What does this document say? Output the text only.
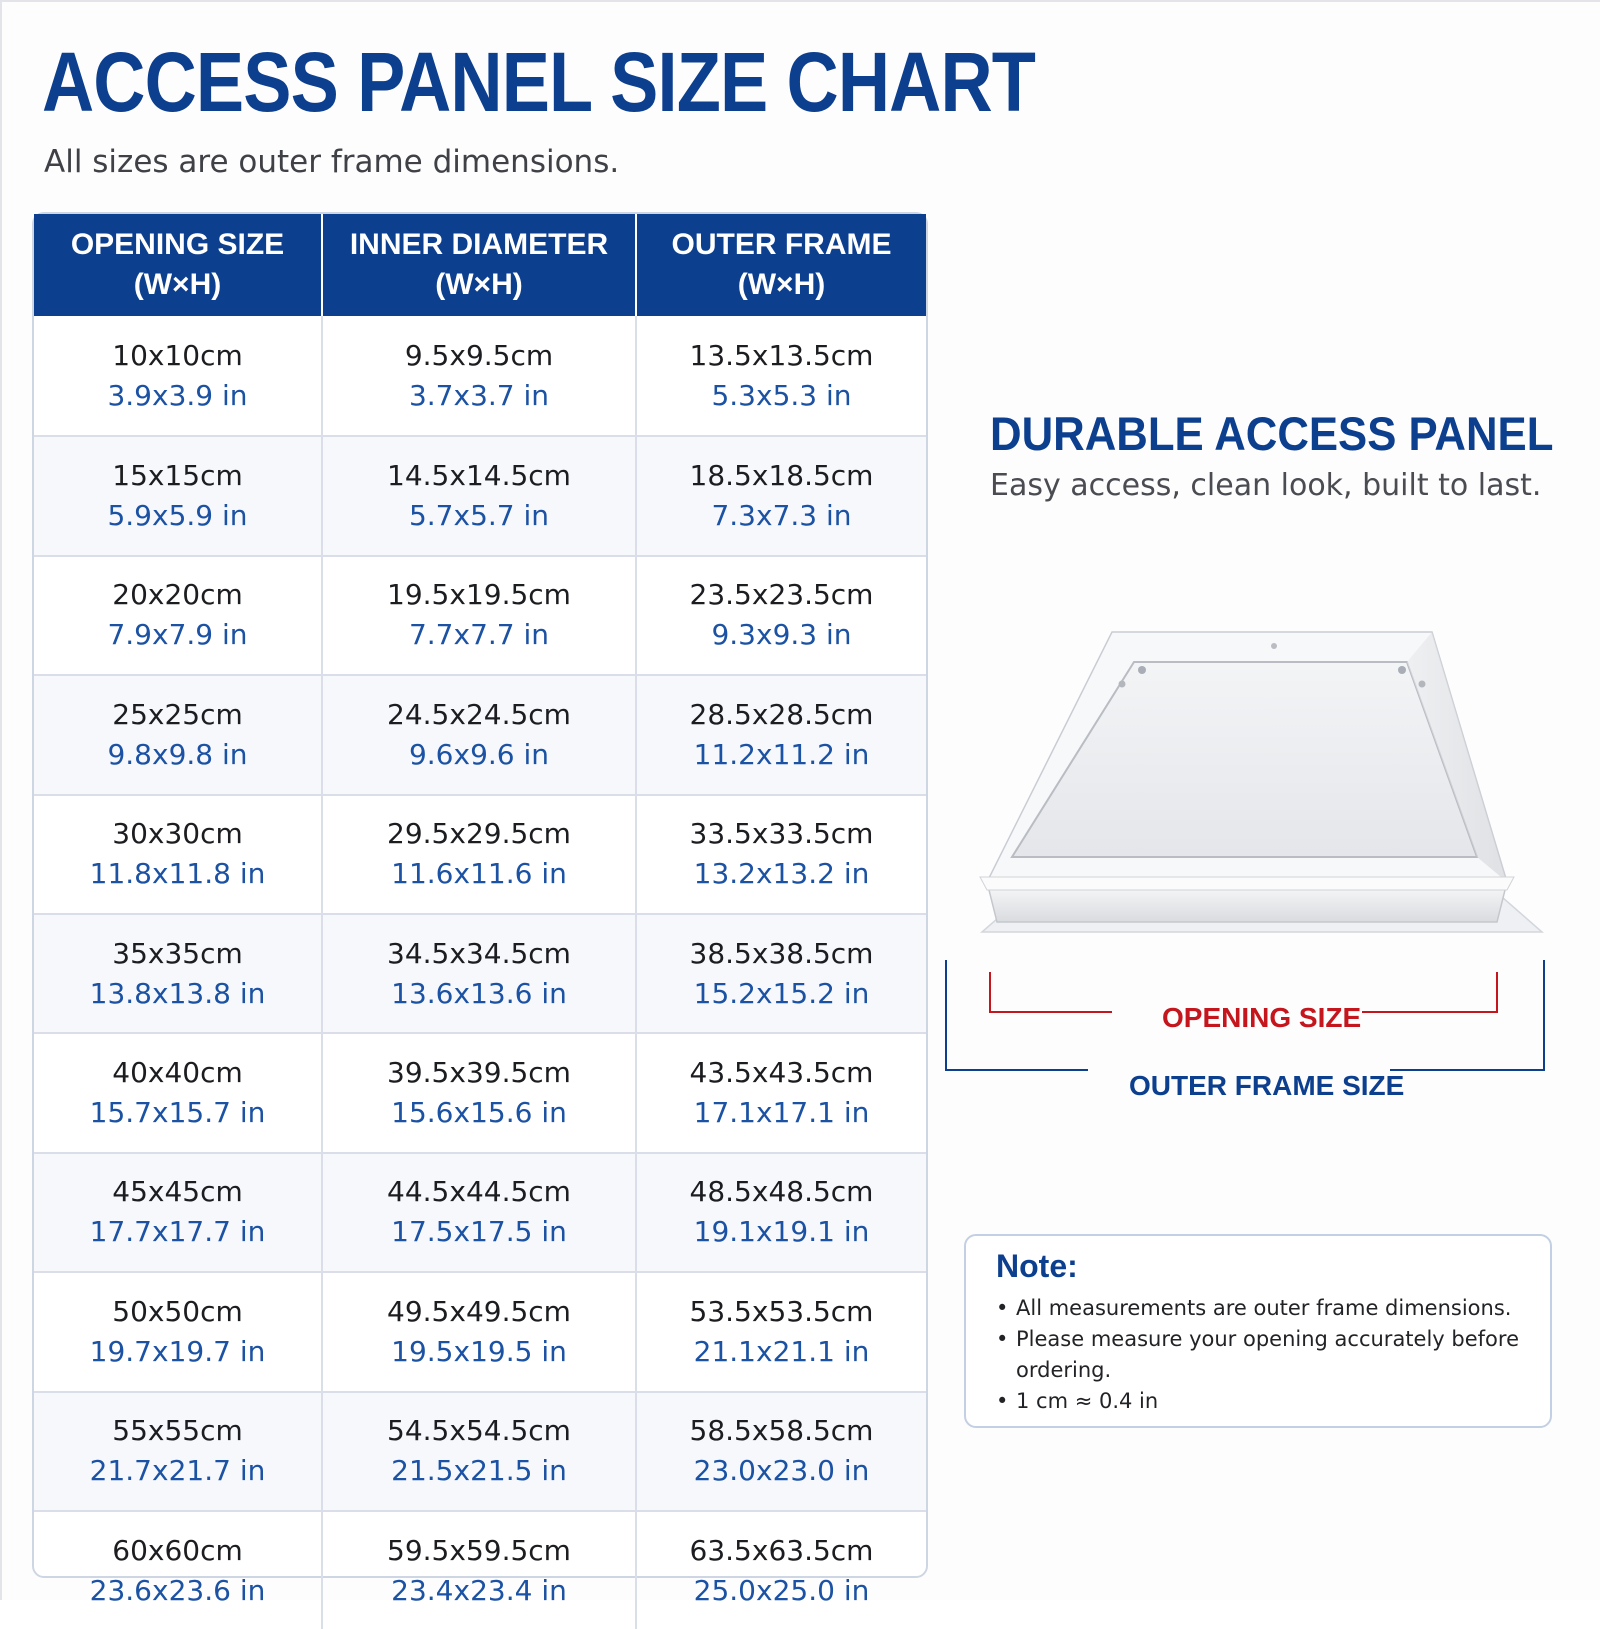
ACCESS PANEL SIZE CHART
All sizes are outer frame dimensions.
OPENING SIZE
(W×H)
INNER DIAMETER
(W×H)
OUTER FRAME
(W×H)
10x10cm
3.9x3.9 in
9.5x9.5cm
3.7x3.7 in
13.5x13.5cm
5.3x5.3 in
15x15cm
5.9x5.9 in
14.5x14.5cm
5.7x5.7 in
18.5x18.5cm
7.3x7.3 in
20x20cm
7.9x7.9 in
19.5x19.5cm
7.7x7.7 in
23.5x23.5cm
9.3x9.3 in
25x25cm
9.8x9.8 in
24.5x24.5cm
9.6x9.6 in
28.5x28.5cm
11.2x11.2 in
30x30cm
11.8x11.8 in
29.5x29.5cm
11.6x11.6 in
33.5x33.5cm
13.2x13.2 in
35x35cm
13.8x13.8 in
34.5x34.5cm
13.6x13.6 in
38.5x38.5cm
15.2x15.2 in
40x40cm
15.7x15.7 in
39.5x39.5cm
15.6x15.6 in
43.5x43.5cm
17.1x17.1 in
45x45cm
17.7x17.7 in
44.5x44.5cm
17.5x17.5 in
48.5x48.5cm
19.1x19.1 in
50x50cm
19.7x19.7 in
49.5x49.5cm
19.5x19.5 in
53.5x53.5cm
21.1x21.1 in
55x55cm
21.7x21.7 in
54.5x54.5cm
21.5x21.5 in
58.5x58.5cm
23.0x23.0 in
60x60cm
23.6x23.6 in
59.5x59.5cm
23.4x23.4 in
63.5x63.5cm
25.0x25.0 in
DURABLE ACCESS PANEL
Easy access, clean look, built to last.
OPENING SIZE
OUTER FRAME SIZE
Note:
• All measurements are outer frame dimensions.
• Please measure your opening accurately before ordering.
• 1 cm ≈ 0.4 in
